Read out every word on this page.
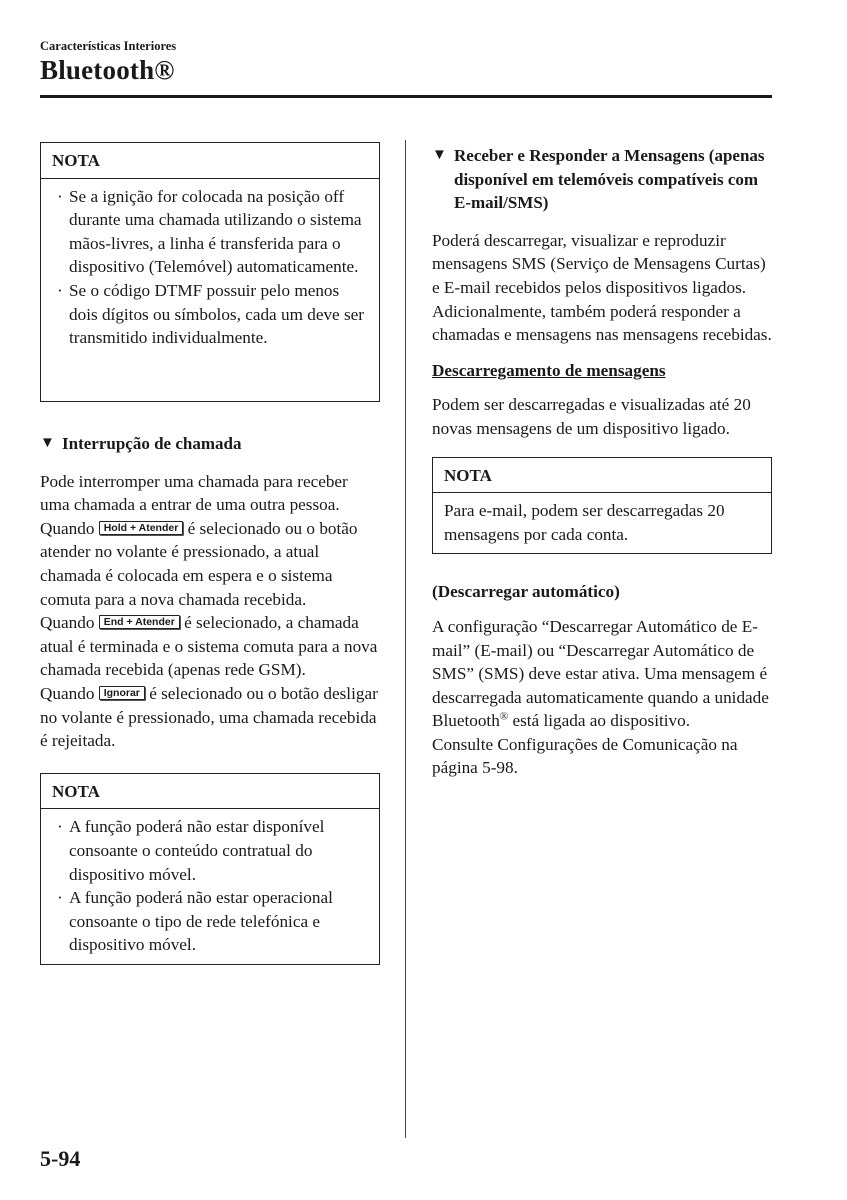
Características Interiores
Bluetooth®
NOTA
· Se a ignição for colocada na posição off durante uma chamada utilizando o sistema mãos-livres, a linha é transferida para o dispositivo (Telemóvel) automaticamente.
· Se o código DTMF possuir pelo menos dois dígitos ou símbolos, cada um deve ser transmitido individualmente.
▼ Interrupção de chamada

Pode interromper uma chamada para receber uma chamada a entrar de uma outra pessoa.

Quando Hold + Atender é selecionado ou o botão atender no volante é pressionado, a atual chamada é colocada em espera e o sistema comuta para a nova chamada recebida.

Quando End + Atender é selecionado, a chamada atual é terminada e o sistema comuta para a nova chamada recebida (apenas rede GSM).

Quando Ignorar é selecionado ou o botão desligar no volante é pressionado, uma chamada recebida é rejeitada.

NOTA
· A função poderá não estar disponível consoante o conteúdo contratual do dispositivo móvel.
· A função poderá não estar operacional consoante o tipo de rede telefónica e dispositivo móvel.
▼ Receber e Responder a Mensagens (apenas disponível em telemóveis compatíveis com E-mail/SMS)

Poderá descarregar, visualizar e reproduzir mensagens SMS (Serviço de Mensagens Curtas) e E-mail recebidos pelos dispositivos ligados.

Adicionalmente, também poderá responder a chamadas e mensagens nas mensagens recebidas.

Descarregamento de mensagens

Podem ser descarregadas e visualizadas até 20 novas mensagens de um dispositivo ligado.

NOTA
Para e-mail, podem ser descarregadas 20 mensagens por cada conta.
(Descarregar automático)

A configuração “Descarregar Automático de E-mail” (E-mail) ou “Descarregar Automático de SMS” (SMS) deve estar ativa. Uma mensagem é descarregada automaticamente quando a unidade Bluetooth® está ligada ao dispositivo.

Consulte Configurações de Comunicação na página 5-98.

5-94
